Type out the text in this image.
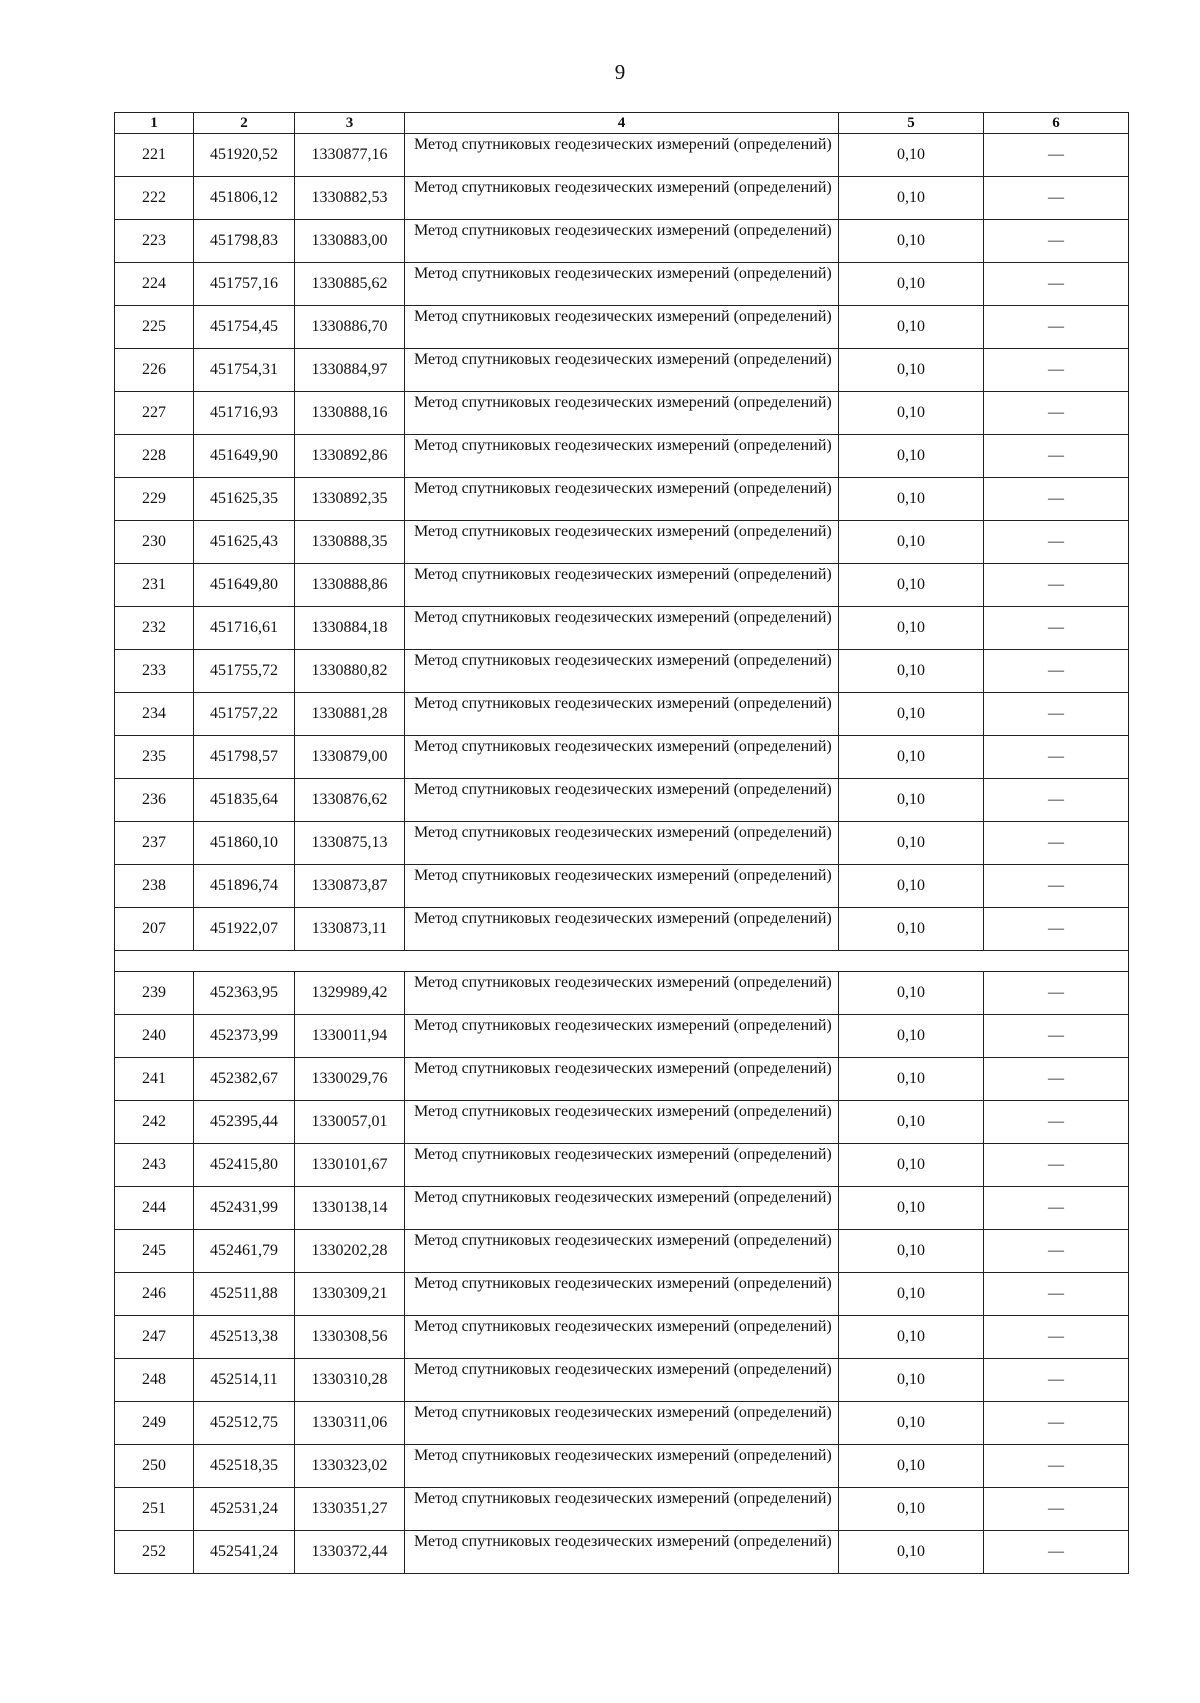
9
1	2	3	4	5	6
221	451920,52	1330877,16	Метод спутниковых геодезических измерений (определений)	0,10	—
222	451806,12	1330882,53	Метод спутниковых геодезических измерений (определений)	0,10	—
223	451798,83	1330883,00	Метод спутниковых геодезических измерений (определений)	0,10	—
224	451757,16	1330885,62	Метод спутниковых геодезических измерений (определений)	0,10	—
225	451754,45	1330886,70	Метод спутниковых геодезических измерений (определений)	0,10	—
226	451754,31	1330884,97	Метод спутниковых геодезических измерений (определений)	0,10	—
227	451716,93	1330888,16	Метод спутниковых геодезических измерений (определений)	0,10	—
228	451649,90	1330892,86	Метод спутниковых геодезических измерений (определений)	0,10	—
229	451625,35	1330892,35	Метод спутниковых геодезических измерений (определений)	0,10	—
230	451625,43	1330888,35	Метод спутниковых геодезических измерений (определений)	0,10	—
231	451649,80	1330888,86	Метод спутниковых геодезических измерений (определений)	0,10	—
232	451716,61	1330884,18	Метод спутниковых геодезических измерений (определений)	0,10	—
233	451755,72	1330880,82	Метод спутниковых геодезических измерений (определений)	0,10	—
234	451757,22	1330881,28	Метод спутниковых геодезических измерений (определений)	0,10	—
235	451798,57	1330879,00	Метод спутниковых геодезических измерений (определений)	0,10	—
236	451835,64	1330876,62	Метод спутниковых геодезических измерений (определений)	0,10	—
237	451860,10	1330875,13	Метод спутниковых геодезических измерений (определений)	0,10	—
238	451896,74	1330873,87	Метод спутниковых геодезических измерений (определений)	0,10	—
207	451922,07	1330873,11	Метод спутниковых геодезических измерений (определений)	0,10	—

239	452363,95	1329989,42	Метод спутниковых геодезических измерений (определений)	0,10	—
240	452373,99	1330011,94	Метод спутниковых геодезических измерений (определений)	0,10	—
241	452382,67	1330029,76	Метод спутниковых геодезических измерений (определений)	0,10	—
242	452395,44	1330057,01	Метод спутниковых геодезических измерений (определений)	0,10	—
243	452415,80	1330101,67	Метод спутниковых геодезических измерений (определений)	0,10	—
244	452431,99	1330138,14	Метод спутниковых геодезических измерений (определений)	0,10	—
245	452461,79	1330202,28	Метод спутниковых геодезических измерений (определений)	0,10	—
246	452511,88	1330309,21	Метод спутниковых геодезических измерений (определений)	0,10	—
247	452513,38	1330308,56	Метод спутниковых геодезических измерений (определений)	0,10	—
248	452514,11	1330310,28	Метод спутниковых геодезических измерений (определений)	0,10	—
249	452512,75	1330311,06	Метод спутниковых геодезических измерений (определений)	0,10	—
250	452518,35	1330323,02	Метод спутниковых геодезических измерений (определений)	0,10	—
251	452531,24	1330351,27	Метод спутниковых геодезических измерений (определений)	0,10	—
252	452541,24	1330372,44	Метод спутниковых геодезических измерений (определений)	0,10	—
